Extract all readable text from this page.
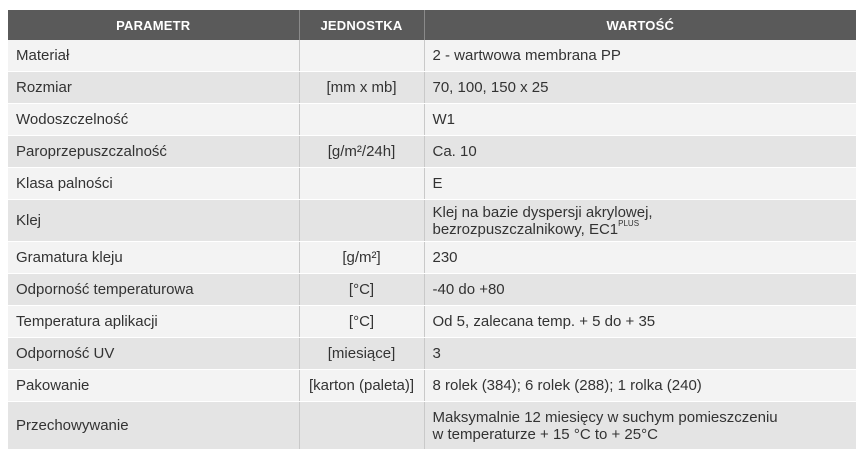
PARAMETR	JEDNOSTKA	WARTOŚĆ
Materiał		2 - wartwowa membrana PP
Rozmiar	[mm x mb]	70, 100, 150 x 25
Wodoszczelność		W1
Paroprzepuszczalność	[g/m²/24h]	Ca. 10
Klasa palności		E
Klej		Klej na bazie dyspersji akrylowej,
bezrozpuszczalnikowy, $EC1^{PLUS}$

Gramatura kleju	[g/m²]	230
Odporność temperaturowa	[°C]	-40 do +80
Temperatura aplikacji	[°C]	Od 5, zalecana temp. + 5 do + 35
Odporność UV	[miesiące]	3
Pakowanie	[karton (paleta)]	8 rolek (384); 6 rolek (288); 1 rolka (240)
Przechowywanie		Maksymalnie 12 miesięcy w suchym pomieszczeniu
w temperaturze + 15 °C to + 25°C
